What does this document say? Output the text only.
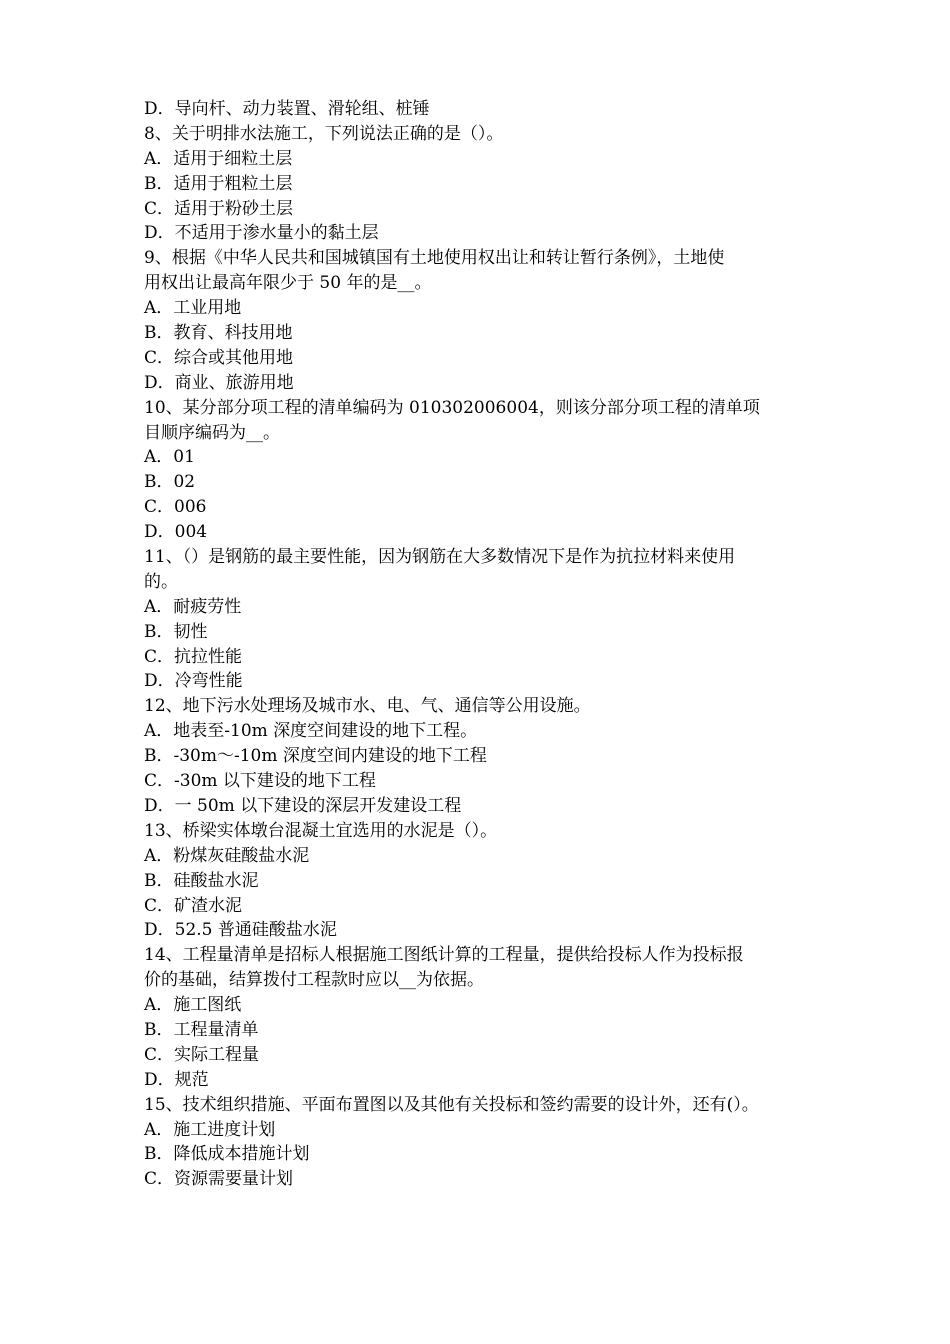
D．导向杆、动力装置、滑轮组、桩锤
8、关于明排水法施工，下列说法正确的是（）。
A．适用于细粒土层
B．适用于粗粒土层
C．适用于粉砂土层
D．不适用于渗水量小的黏土层
9、根据《中华人民共和国城镇国有土地使用权出让和转让暂行条例》，土地使
用权出让最高年限少于 50 年的是__。
A．工业用地
B．教育、科技用地
C．综合或其他用地
D．商业、旅游用地
10、某分部分项工程的清单编码为 010302006004，则该分部分项工程的清单项
目顺序编码为__。
A．01
B．02
C．006
D．004
11、（）是钢筋的最主要性能，因为钢筋在大多数情况下是作为抗拉材料来使用
的。
A．耐疲劳性
B．韧性
C．抗拉性能
D．冷弯性能
12、地下污水处理场及城市水、电、气、通信等公用设施。
A．地表至-10m 深度空间建设的地下工程。
B．-30m～-10m 深度空间内建设的地下工程
C．-30m 以下建设的地下工程
D．一 50m 以下建设的深层开发建设工程
13、桥梁实体墩台混凝土宜选用的水泥是（）。
A．粉煤灰硅酸盐水泥
B．硅酸盐水泥
C．矿渣水泥
D．52.5 普通硅酸盐水泥
14、工程量清单是招标人根据施工图纸计算的工程量，提供给投标人作为投标报
价的基础，结算拨付工程款时应以__为依据。
A．施工图纸
B．工程量清单
C．实际工程量
D．规范
15、技术组织措施、平面布置图以及其他有关投标和签约需要的设计外，还有(）。
A．施工进度计划
B．降低成本措施计划
C．资源需要量计划
